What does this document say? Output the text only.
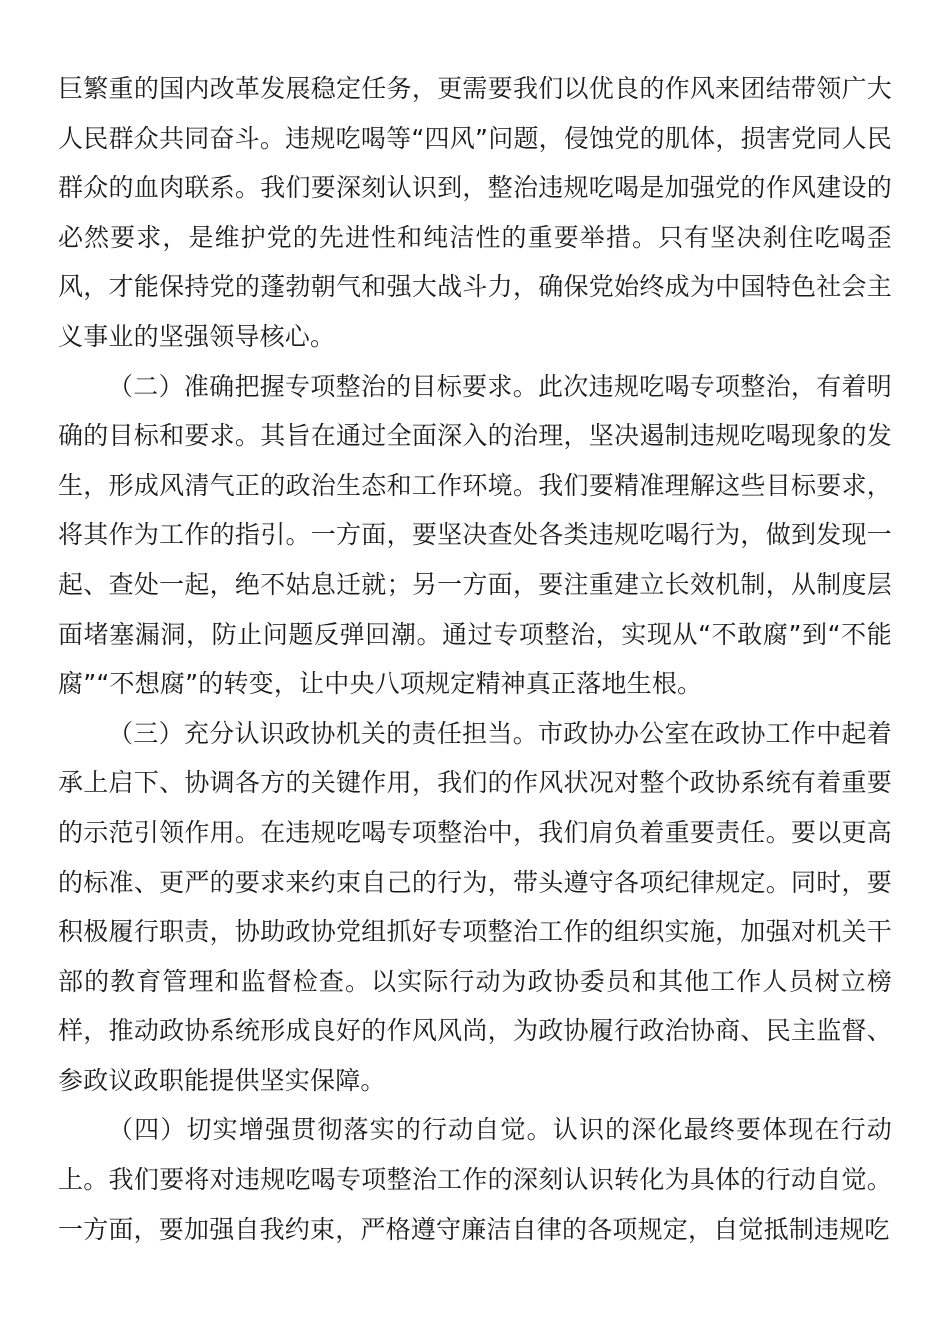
巨繁重的国内改革发展稳定任务，更需要我们以优良的作风来团结带领广大人民群众共同奋斗。违规吃喝等“四风”问题，侵蚀党的肌体，损害党同人民群众的血肉联系。我们要深刻认识到，整治违规吃喝是加强党的作风建设的必然要求，是维护党的先进性和纯洁性的重要举措。只有坚决刹住吃喝歪风，才能保持党的蓬勃朝气和强大战斗力，确保党始终成为中国特色社会主义事业的坚强领导核心。

（二）准确把握专项整治的目标要求。此次违规吃喝专项整治，有着明确的目标和要求。其旨在通过全面深入的治理，坚决遏制违规吃喝现象的发生，形成风清气正的政治生态和工作环境。我们要精准理解这些目标要求，将其作为工作的指引。一方面，要坚决查处各类违规吃喝行为，做到发现一起、查处一起，绝不姑息迁就；另一方面，要注重建立长效机制，从制度层面堵塞漏洞，防止问题反弹回潮。通过专项整治，实现从“不敢腐”到“不能腐”“不想腐”的转变，让中央八项规定精神真正落地生根。

（三）充分认识政协机关的责任担当。市政协办公室在政协工作中起着承上启下、协调各方的关键作用，我们的作风状况对整个政协系统有着重要的示范引领作用。在违规吃喝专项整治中，我们肩负着重要责任。要以更高的标准、更严的要求来约束自己的行为，带头遵守各项纪律规定。同时，要积极履行职责，协助政协党组抓好专项整治工作的组织实施，加强对机关干部的教育管理和监督检查。以实际行动为政协委员和其他工作人员树立榜样，推动政协系统形成良好的作风风尚，为政协履行政治协商、民主监督、参政议政职能提供坚实保障。

（四）切实增强贯彻落实的行动自觉。认识的深化最终要体现在行动上。我们要将对违规吃喝专项整治工作的深刻认识转化为具体的行动自觉。一方面，要加强自我约束，严格遵守廉洁自律的各项规定，自觉抵制违规吃
